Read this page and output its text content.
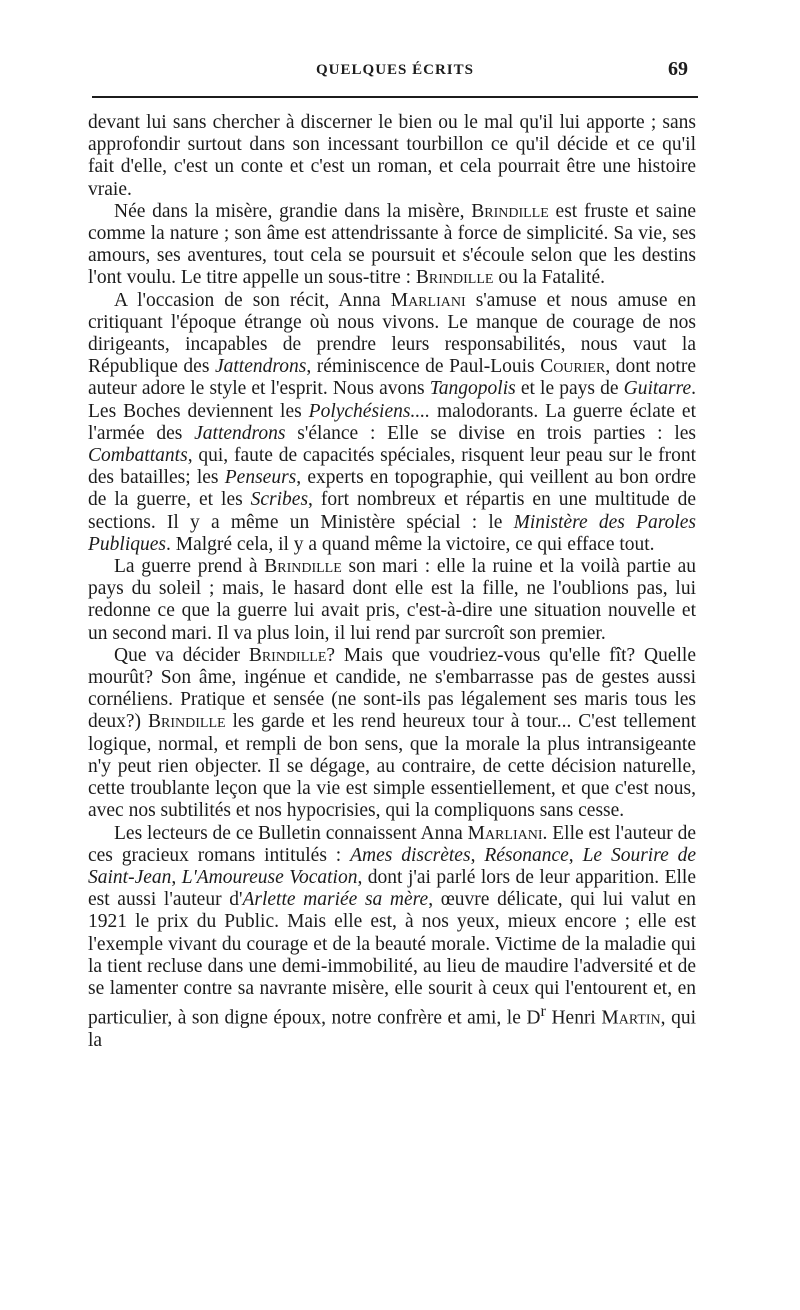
QUELQUES ÉCRITS	69

devant lui sans chercher à discerner le bien ou le mal qu'il lui apporte ; sans approfondir surtout dans son incessant tourbillon ce qu'il décide et ce qu'il fait d'elle, c'est un conte et c'est un roman, et cela pourrait être une histoire vraie.

Née dans la misère, grandie dans la misère, Brindille est fruste et saine comme la nature ; son âme est attendrissante à force de simplicité. Sa vie, ses amours, ses aventures, tout cela se poursuit et s'écoule selon que les destins l'ont voulu. Le titre appelle un sous-titre : Brindille ou la Fatalité.

A l'occasion de son récit, Anna Marliani s'amuse et nous amuse en critiquant l'époque étrange où nous vivons. Le manque de courage de nos dirigeants, incapables de prendre leurs responsabilités, nous vaut la République des Jattendrons, réminiscence de Paul-Louis Courier, dont notre auteur adore le style et l'esprit. Nous avons Tangopolis et le pays de Guitarre. Les Boches deviennent les Polychésiens.... malodorants. La guerre éclate et l'armée des Jattendrons s'élance : Elle se divise en trois parties : les Combattants, qui, faute de capacités spéciales, risquent leur peau sur le front des batailles; les Penseurs, experts en topographie, qui veillent au bon ordre de la guerre, et les Scribes, fort nombreux et répartis en une multitude de sections. Il y a même un Ministère spécial : le Ministère des Paroles Publiques. Malgré cela, il y a quand même la victoire, ce qui efface tout.

La guerre prend à Brindille son mari : elle la ruine et la voilà partie au pays du soleil ; mais, le hasard dont elle est la fille, ne l'oublions pas, lui redonne ce que la guerre lui avait pris, c'est-à-dire une situation nouvelle et un second mari. Il va plus loin, il lui rend par surcroît son premier.

Que va décider Brindille? Mais que voudriez-vous qu'elle fît? Quelle mourût? Son âme, ingénue et candide, ne s'embarrasse pas de gestes aussi cornéliens. Pratique et sensée (ne sont-ils pas légalement ses maris tous les deux?) Brindille les garde et les rend heureux tour à tour... C'est tellement logique, normal, et rempli de bon sens, que la morale la plus intransigeante n'y peut rien objecter. Il se dégage, au contraire, de cette décision naturelle, cette troublante leçon que la vie est simple essentiellement, et que c'est nous, avec nos subtilités et nos hypocrisies, qui la compliquons sans cesse.

Les lecteurs de ce Bulletin connaissent Anna Marliani. Elle est l'auteur de ces gracieux romans intitulés : Ames discrètes, Résonance, Le Sourire de Saint-Jean, L'Amoureuse Vocation, dont j'ai parlé lors de leur apparition. Elle est aussi l'auteur d'Arlette mariée sa mère, œuvre délicate, qui lui valut en 1921 le prix du Public. Mais elle est, à nos yeux, mieux encore ; elle est l'exemple vivant du courage et de la beauté morale. Victime de la maladie qui la tient recluse dans une demi-immobilité, au lieu de maudire l'adversité et de se lamenter contre sa navrante misère, elle sourit à ceux qui l'entourent et, en particulier, à son digne époux, notre confrère et ami, le $D^r$ Henri Martin, qui la
